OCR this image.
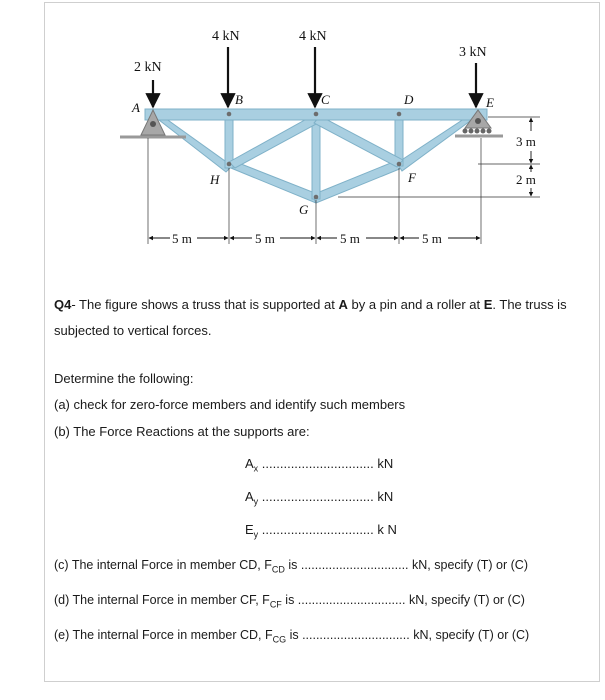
2 kN
4 kN	4 kN
3 kN
A
B	C	D	E
F
G
H
5 m	5 m	5 m	5 m
3 m
2 m
Q4- The figure shows a truss that is supported at A by a pin and a roller at E. The truss is subjected to vertical forces.
Determine the following:
(a) check for zero-force members and identify such members
(b) The Force Reactions at the supports are:
$A_x$ ............................... kN
$A_y$ ............................... kN
$E_y$ ............................... k N
(c) The internal Force in member CD, $F_{CD}$ is ............................... kN, specify (T) or (C)
(d) The internal Force in member CF, $F_{CF}$ is ............................... kN, specify (T) or (C)
(e) The internal Force in member CD, $F_{CG}$ is ............................... kN, specify (T) or (C)
